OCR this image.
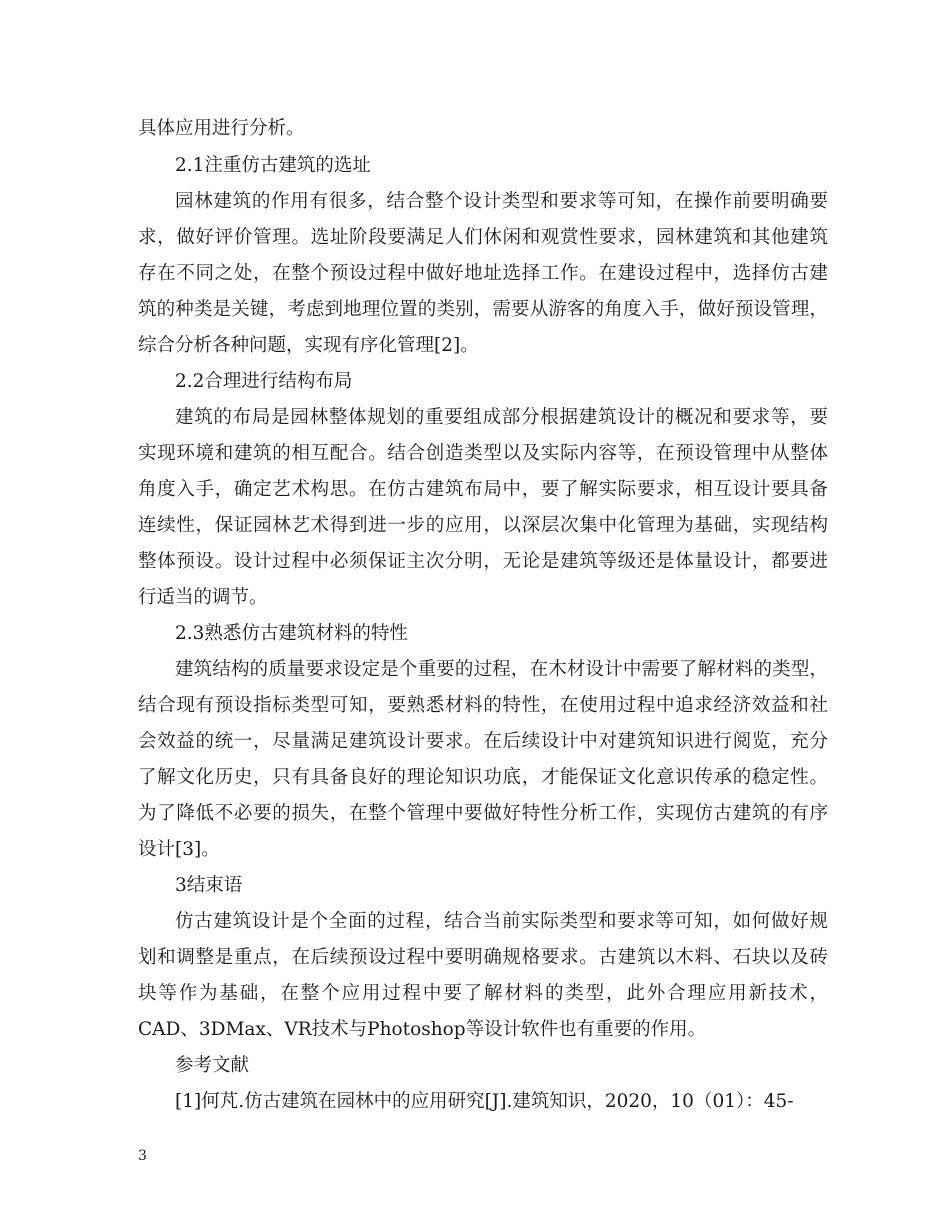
具体应用进行分析。
2.1注重仿古建筑的选址
园林建筑的作用有很多，结合整个设计类型和要求等可知，在操作前要明确要
求，做好评价管理。选址阶段要满足人们休闲和观赏性要求，园林建筑和其他建筑
存在不同之处，在整个预设过程中做好地址选择工作。在建设过程中，选择仿古建
筑的种类是关键，考虑到地理位置的类别，需要从游客的角度入手，做好预设管理，
综合分析各种问题，实现有序化管理[2]。
2.2合理进行结构布局
建筑的布局是园林整体规划的重要组成部分根据建筑设计的概况和要求等，要
实现环境和建筑的相互配合。结合创造类型以及实际内容等，在预设管理中从整体
角度入手，确定艺术构思。在仿古建筑布局中，要了解实际要求，相互设计要具备
连续性，保证园林艺术得到进一步的应用，以深层次集中化管理为基础，实现结构
整体预设。设计过程中必须保证主次分明，无论是建筑等级还是体量设计，都要进
行适当的调节。
2.3熟悉仿古建筑材料的特性
建筑结构的质量要求设定是个重要的过程，在木材设计中需要了解材料的类型，
结合现有预设指标类型可知，要熟悉材料的特性，在使用过程中追求经济效益和社
会效益的统一，尽量满足建筑设计要求。在后续设计中对建筑知识进行阅览，充分
了解文化历史，只有具备良好的理论知识功底，才能保证文化意识传承的稳定性。
为了降低不必要的损失，在整个管理中要做好特性分析工作，实现仿古建筑的有序
设计[3]。
3结束语
仿古建筑设计是个全面的过程，结合当前实际类型和要求等可知，如何做好规
划和调整是重点，在后续预设过程中要明确规格要求。古建筑以木料、石块以及砖
块等作为基础，在整个应用过程中要了解材料的类型，此外合理应用新技术，
CAD、3DMax、VR技术与Photoshop等设计软件也有重要的作用。
参考文献
[1]何芃.仿古建筑在园林中的应用研究[J].建筑知识，2020，10（01）：45-
3
